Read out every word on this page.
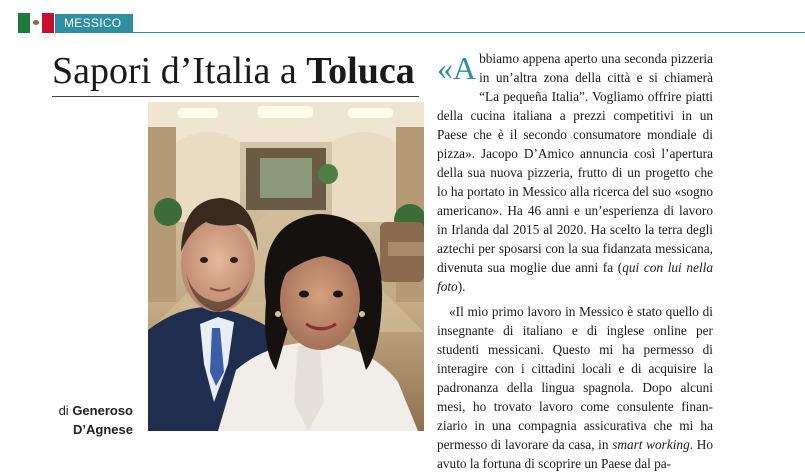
MESSICO
Sapori d’Italia a Toluca
di Generoso
D’Agnese

«A bbiamo appena aperto una seconda pizzeria in un’altra zona della città e si chiamerà “La pequeña Italia”. Vogliamo offrire piatti della cucina italiana a prezzi competitivi in un Paese che è il secondo consumatore mondiale di pizza». Jacopo D’Amico annuncia così l’apertura della sua nuova pizzeria, frutto di un progetto che lo ha portato in Messico alla ricerca del suo «sogno americano». Ha 46 anni e un’esperienza di lavoro in Irlanda dal 2015 al 2020. Ha scelto la terra degli aztechi per sposarsi con la sua fidanzata messicana, divenuta sua moglie due anni fa (qui con lui nella foto).

«Il mio primo lavoro in Messico è stato quello di insegnante di italiano e di inglese online per studenti messicani. Questo mi ha permesso di interagire con i cittadini locali e di acquisire la padronanza della lingua spagnola. Dopo alcuni mesi, ho trovato lavoro come consulente finanziario in una compagnia assicurativa che mi ha permesso di lavorare da casa, in smart working. Ho avuto la fortuna di scoprire un Paese dal pa-
